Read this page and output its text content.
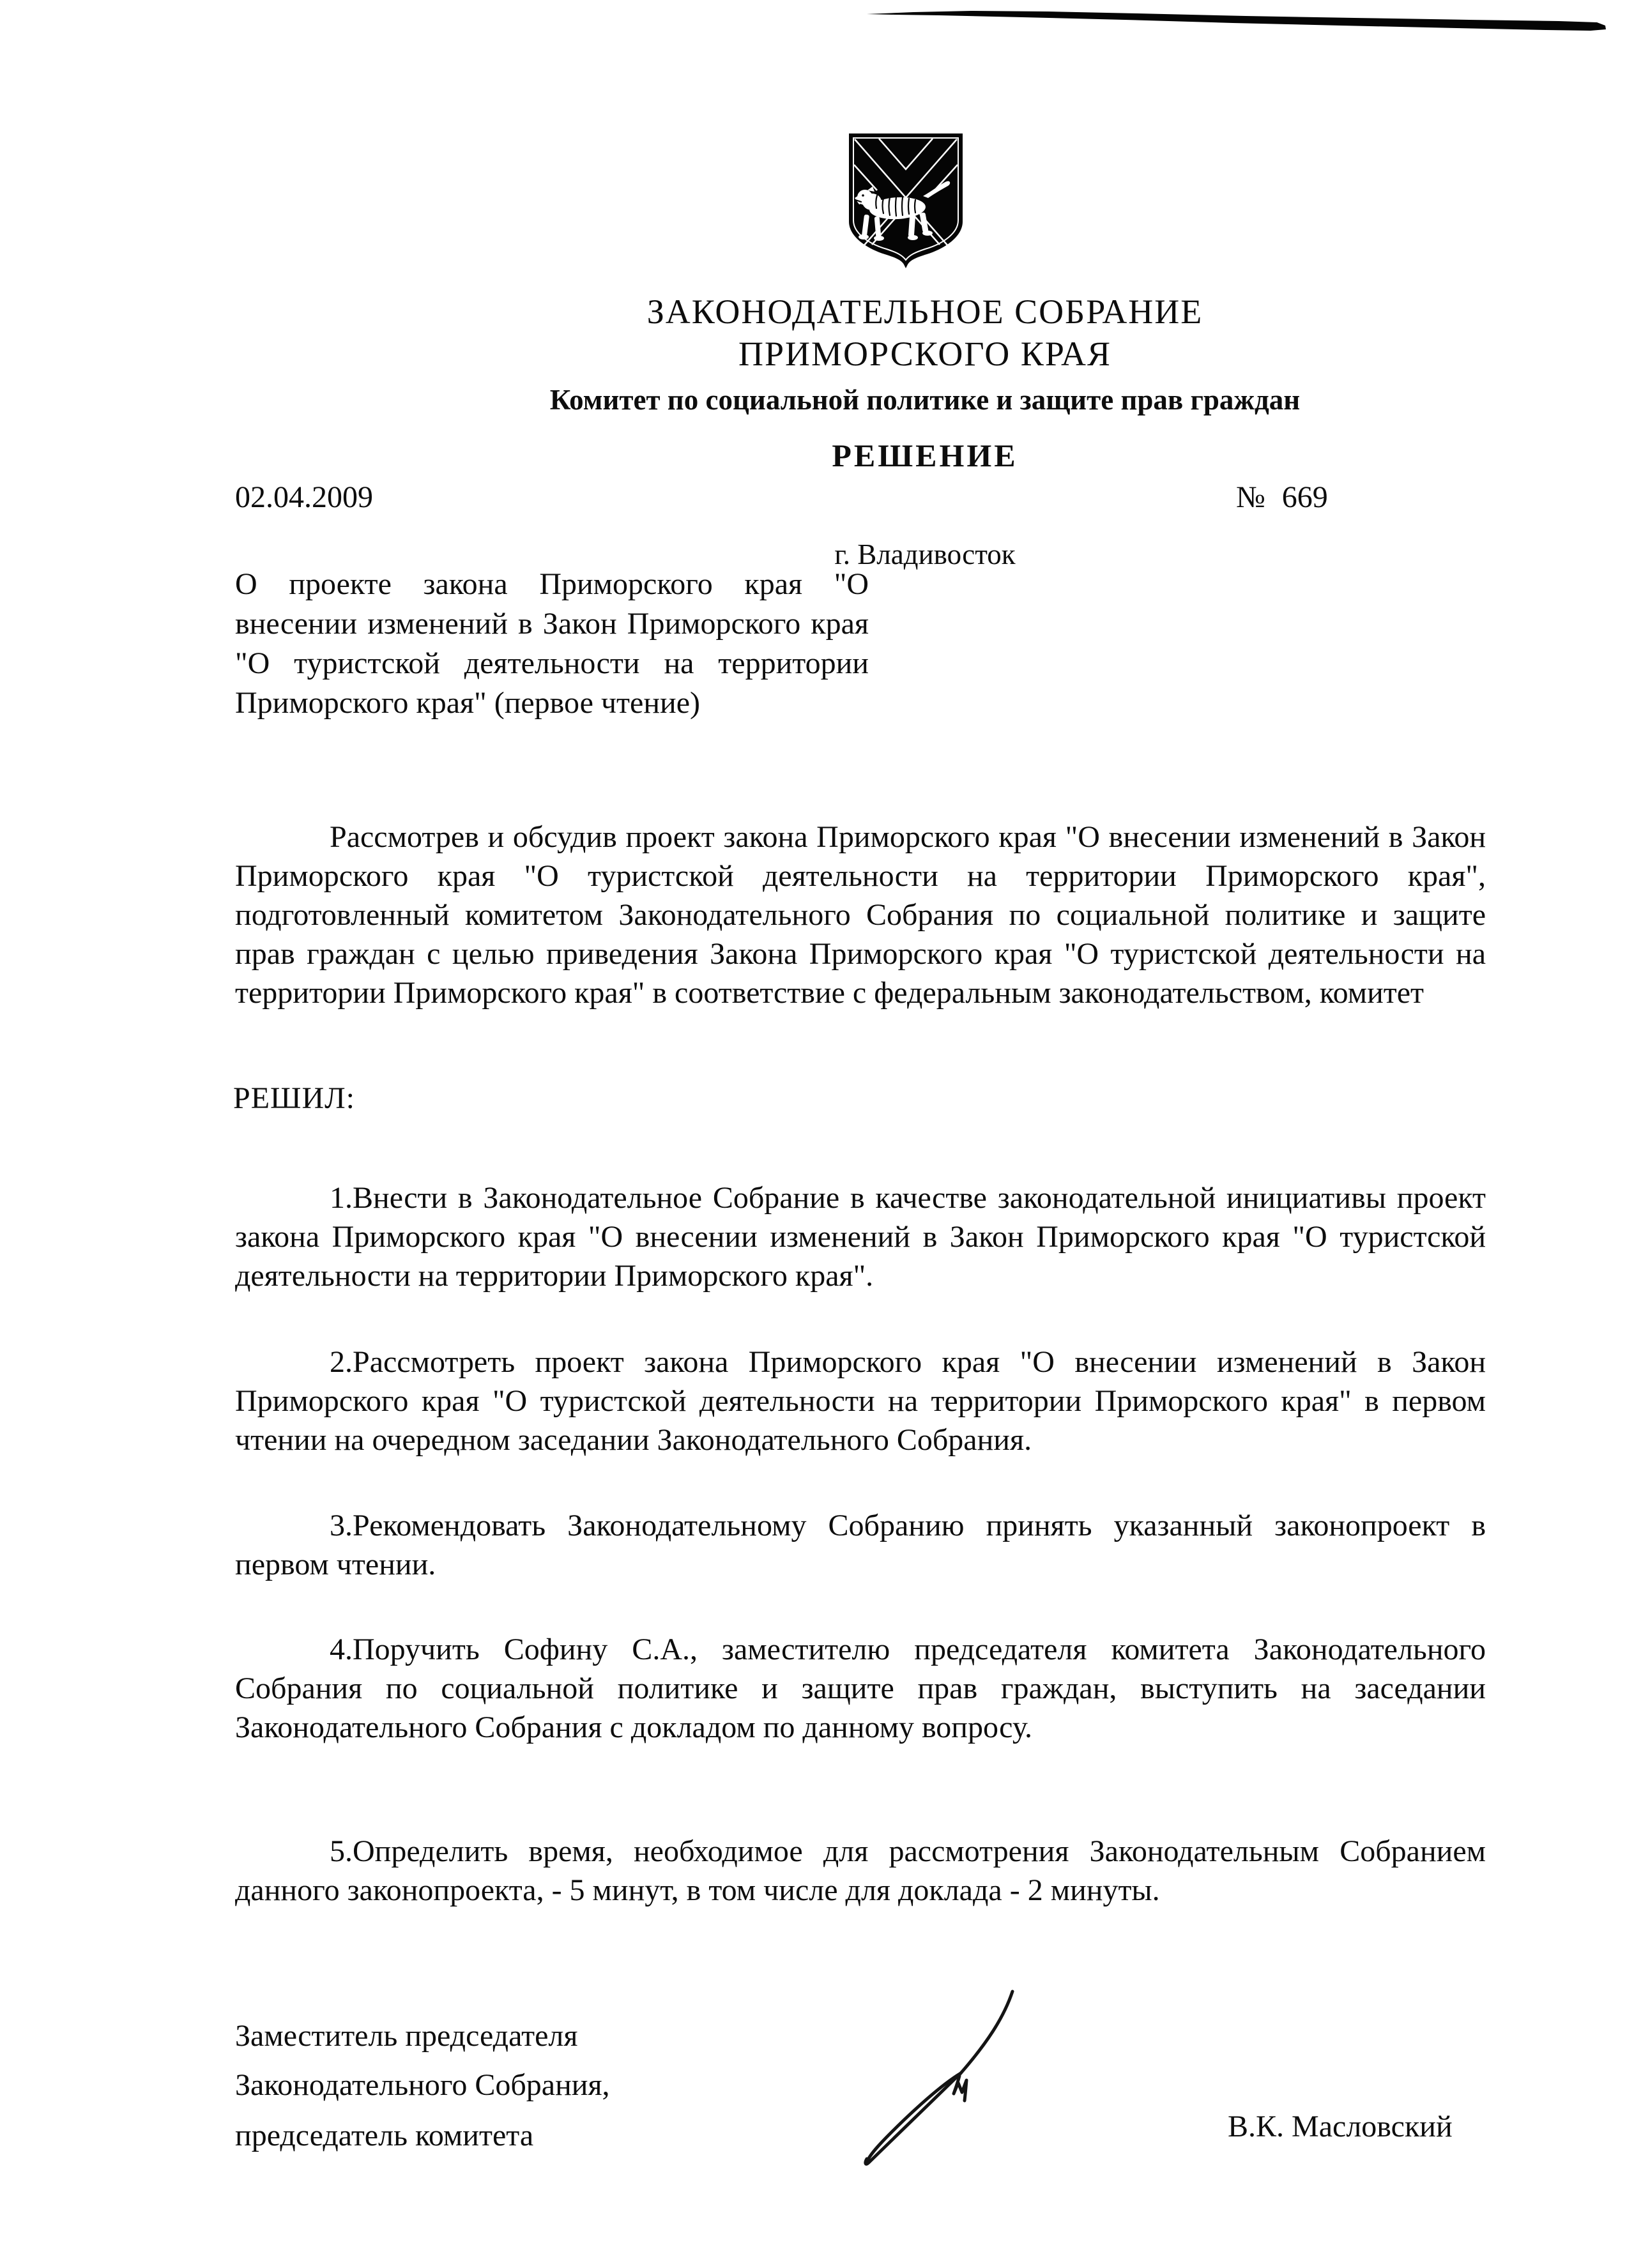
ЗАКОНОДАТЕЛЬНОЕ СОБРАНИЕ
ПРИМОРСКОГО КРАЯ
Комитет по социальной политике и защите прав граждан
РЕШЕНИЕ
02.04.2009	№ 669
г. Владивосток
О проекте закона Приморского края "О внесении изменений в Закон Приморского края "О туристской деятельности на территории Приморского края" (первое чтение)
Рассмотрев и обсудив проект закона Приморского края "О внесении изменений в Закон Приморского края "О туристской деятельности на территории Приморского края", подготовленный комитетом Законодательного Собрания по социальной политике и защите прав граждан с целью приведения Закона Приморского края "О туристской деятельности на территории Приморского края" в соответствие с федеральным законодательством, комитет
РЕШИЛ:
1.Внести в Законодательное Собрание в качестве законодательной инициативы проект закона Приморского края "О внесении изменений в Закон Приморского края "О туристской деятельности на территории Приморского края".
2.Рассмотреть проект закона Приморского края "О внесении изменений в Закон Приморского края "О туристской деятельности на территории Приморского края" в первом чтении на очередном заседании Законодательного Собрания.
3.Рекомендовать Законодательному Собранию принять указанный законопроект в первом чтении.
4.Поручить Софину С.А., заместителю председателя комитета Законодательного Собрания по социальной политике и защите прав граждан, выступить на заседании Законодательного Собрания с докладом по данному вопросу.
5.Определить время, необходимое для рассмотрения Законодательным Собранием данного законопроекта, - 5 минут, в том числе для доклада - 2 минуты.
Заместитель председателя
Законодательного Собрания,
председатель комитета	В.К. Масловский
